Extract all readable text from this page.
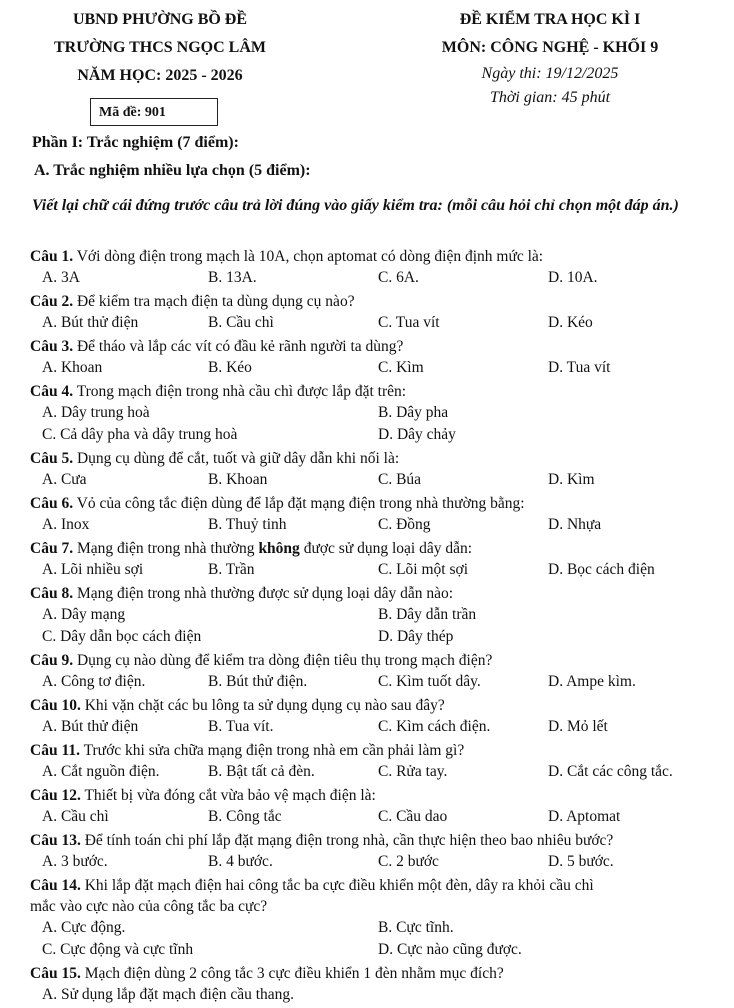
UBND PHƯỜNG BỒ ĐỀ
TRƯỜNG THCS NGỌC LÂM
NĂM HỌC: 2025 - 2026
ĐỀ KIỂM TRA HỌC KÌ I
MÔN: CÔNG NGHỆ - KHỐI 9
Ngày thi: 19/12/2025
Thời gian: 45 phút
Mã đề: 901
Phần I: Trắc nghiệm (7 điểm):
A. Trắc nghiệm nhiều lựa chọn (5 điểm):
Viết lại chữ cái đứng trước câu trả lời đúng vào giấy kiểm tra: (mỗi câu hỏi chỉ chọn một đáp án.)
Câu 1. Với dòng điện trong mạch là 10A, chọn aptomat có dòng điện định mức là:
A. 3A	B. 13A.	C. 6A.	D. 10A.
Câu 2. Để kiểm tra mạch điện ta dùng dụng cụ nào?
A. Bút thử điện	B. Cầu chì	C. Tua vít	D. Kéo
Câu 3. Để tháo và lắp các vít có đầu kẻ rãnh người ta dùng?
A. Khoan	B. Kéo	C. Kìm	D. Tua vít
Câu 4. Trong mạch điện trong nhà cầu chì được lắp đặt trên:
A. Dây trung hoà	B. Dây pha
C. Cả dây pha và dây trung hoà	D. Dây chảy
Câu 5. Dụng cụ dùng để cắt, tuốt và giữ dây dẫn khi nối là:
A. Cưa	B. Khoan	C. Búa	D. Kìm
Câu 6. Vỏ của công tắc điện dùng để lắp đặt mạng điện trong nhà thường bằng:
A. Inox	B. Thuỷ tinh	C. Đồng	D. Nhựa
Câu 7. Mạng điện trong nhà thường không được sử dụng loại dây dẫn:
A. Lõi nhiều sợi	B. Trần	C. Lõi một sợi	D. Bọc cách điện
Câu 8. Mạng điện trong nhà thường được sử dụng loại dây dẫn nào:
A. Dây mạng	B. Dây dẫn trần
C. Dây dẫn bọc cách điện	D. Dây thép
Câu 9. Dụng cụ nào dùng để kiểm tra dòng điện tiêu thụ trong mạch điện?
A. Công tơ điện.	B. Bút thử điện.	C. Kìm tuốt dây.	D. Ampe kìm.
Câu 10. Khi vặn chặt các bu lông ta sử dụng dụng cụ nào sau đây?
A. Bút thử điện	B. Tua vít.	C. Kìm cách điện.	D. Mỏ lết
Câu 11. Trước khi sửa chữa mạng điện trong nhà em cần phải làm gì?
A. Cắt nguồn điện.	B. Bật tất cả đèn.	C. Rửa tay.	D. Cắt các công tắc.
Câu 12. Thiết bị vừa đóng cắt vừa bảo vệ mạch điện là:
A. Cầu chì	B. Công tắc	C. Cầu dao	D. Aptomat
Câu 13. Để tính toán chi phí lắp đặt mạng điện trong nhà, cần thực hiện theo bao nhiêu bước?
A. 3 bước.	B. 4 bước.	C. 2 bước	D. 5 bước.
Câu 14. Khi lắp đặt mạch điện hai công tắc ba cực điều khiển một đèn, dây ra khỏi cầu chì
mắc vào cực nào của công tắc ba cực?
A. Cực động.	B. Cực tĩnh.
C. Cực động và cực tĩnh	D. Cực nào cũng được.
Câu 15. Mạch điện dùng 2 công tắc 3 cực điều khiển 1 đèn nhằm mục đích?
A. Sử dụng lắp đặt mạch điện cầu thang.
